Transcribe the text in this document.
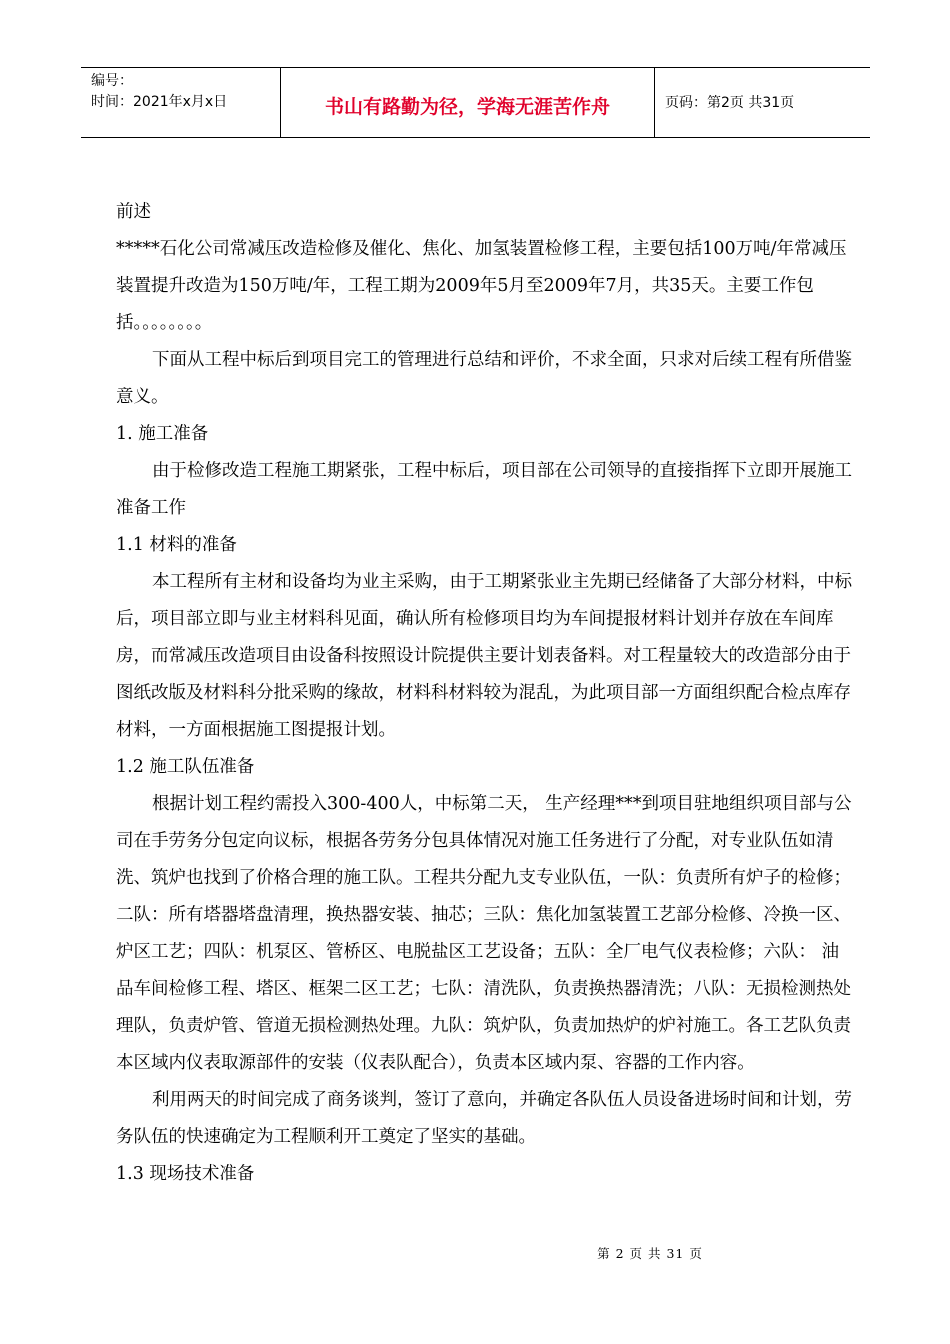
编号：
时间：2021年x月x日	书山有路勤为径，学海无涯苦作舟	页码：第2页 共31页

前述

*****石化公司常减压改造检修及催化、焦化、加氢装置检修工程，主要包括100万吨/年常减压装置提升改造为150万吨/年，工程工期为2009年5月至2009年7月，共35天。主要工作包括。。。。。。。。

下面从工程中标后到项目完工的管理进行总结和评价，不求全面，只求对后续工程有所借鉴意义。

1. 施工准备

由于检修改造工程施工期紧张，工程中标后，项目部在公司领导的直接指挥下立即开展施工准备工作

1.1 材料的准备

本工程所有主材和设备均为业主采购，由于工期紧张业主先期已经储备了大部分材料，中标后，项目部立即与业主材料科见面，确认所有检修项目均为车间提报材料计划并存放在车间库房，而常减压改造项目由设备科按照设计院提供主要计划表备料。对工程量较大的改造部分由于图纸改版及材料科分批采购的缘故，材料科材料较为混乱，为此项目部一方面组织配合检点库存材料，一方面根据施工图提报计划。

1.2 施工队伍准备

根据计划工程约需投入300-400人，中标第二天， 生产经理***到项目驻地组织项目部与公司在手劳务分包定向议标，根据各劳务分包具体情况对施工任务进行了分配，对专业队伍如清洗、筑炉也找到了价格合理的施工队。工程共分配九支专业队伍，一队：负责所有炉子的检修；二队：所有塔器塔盘清理，换热器安装、抽芯；三队：焦化加氢装置工艺部分检修、冷换一区、炉区工艺；四队：机泵区、管桥区、电脱盐区工艺设备；五队：全厂电气仪表检修；六队： 油品车间检修工程、塔区、框架二区工艺；七队：清洗队，负责换热器清洗；八队：无损检测热处理队，负责炉管、管道无损检测热处理。九队：筑炉队，负责加热炉的炉衬施工。各工艺队负责本区域内仪表取源部件的安装（仪表队配合），负责本区域内泵、容器的工作内容。

利用两天的时间完成了商务谈判，签订了意向，并确定各队伍人员设备进场时间和计划，劳务队伍的快速确定为工程顺利开工奠定了坚实的基础。

1.3 现场技术准备

第 2 页 共 31 页
